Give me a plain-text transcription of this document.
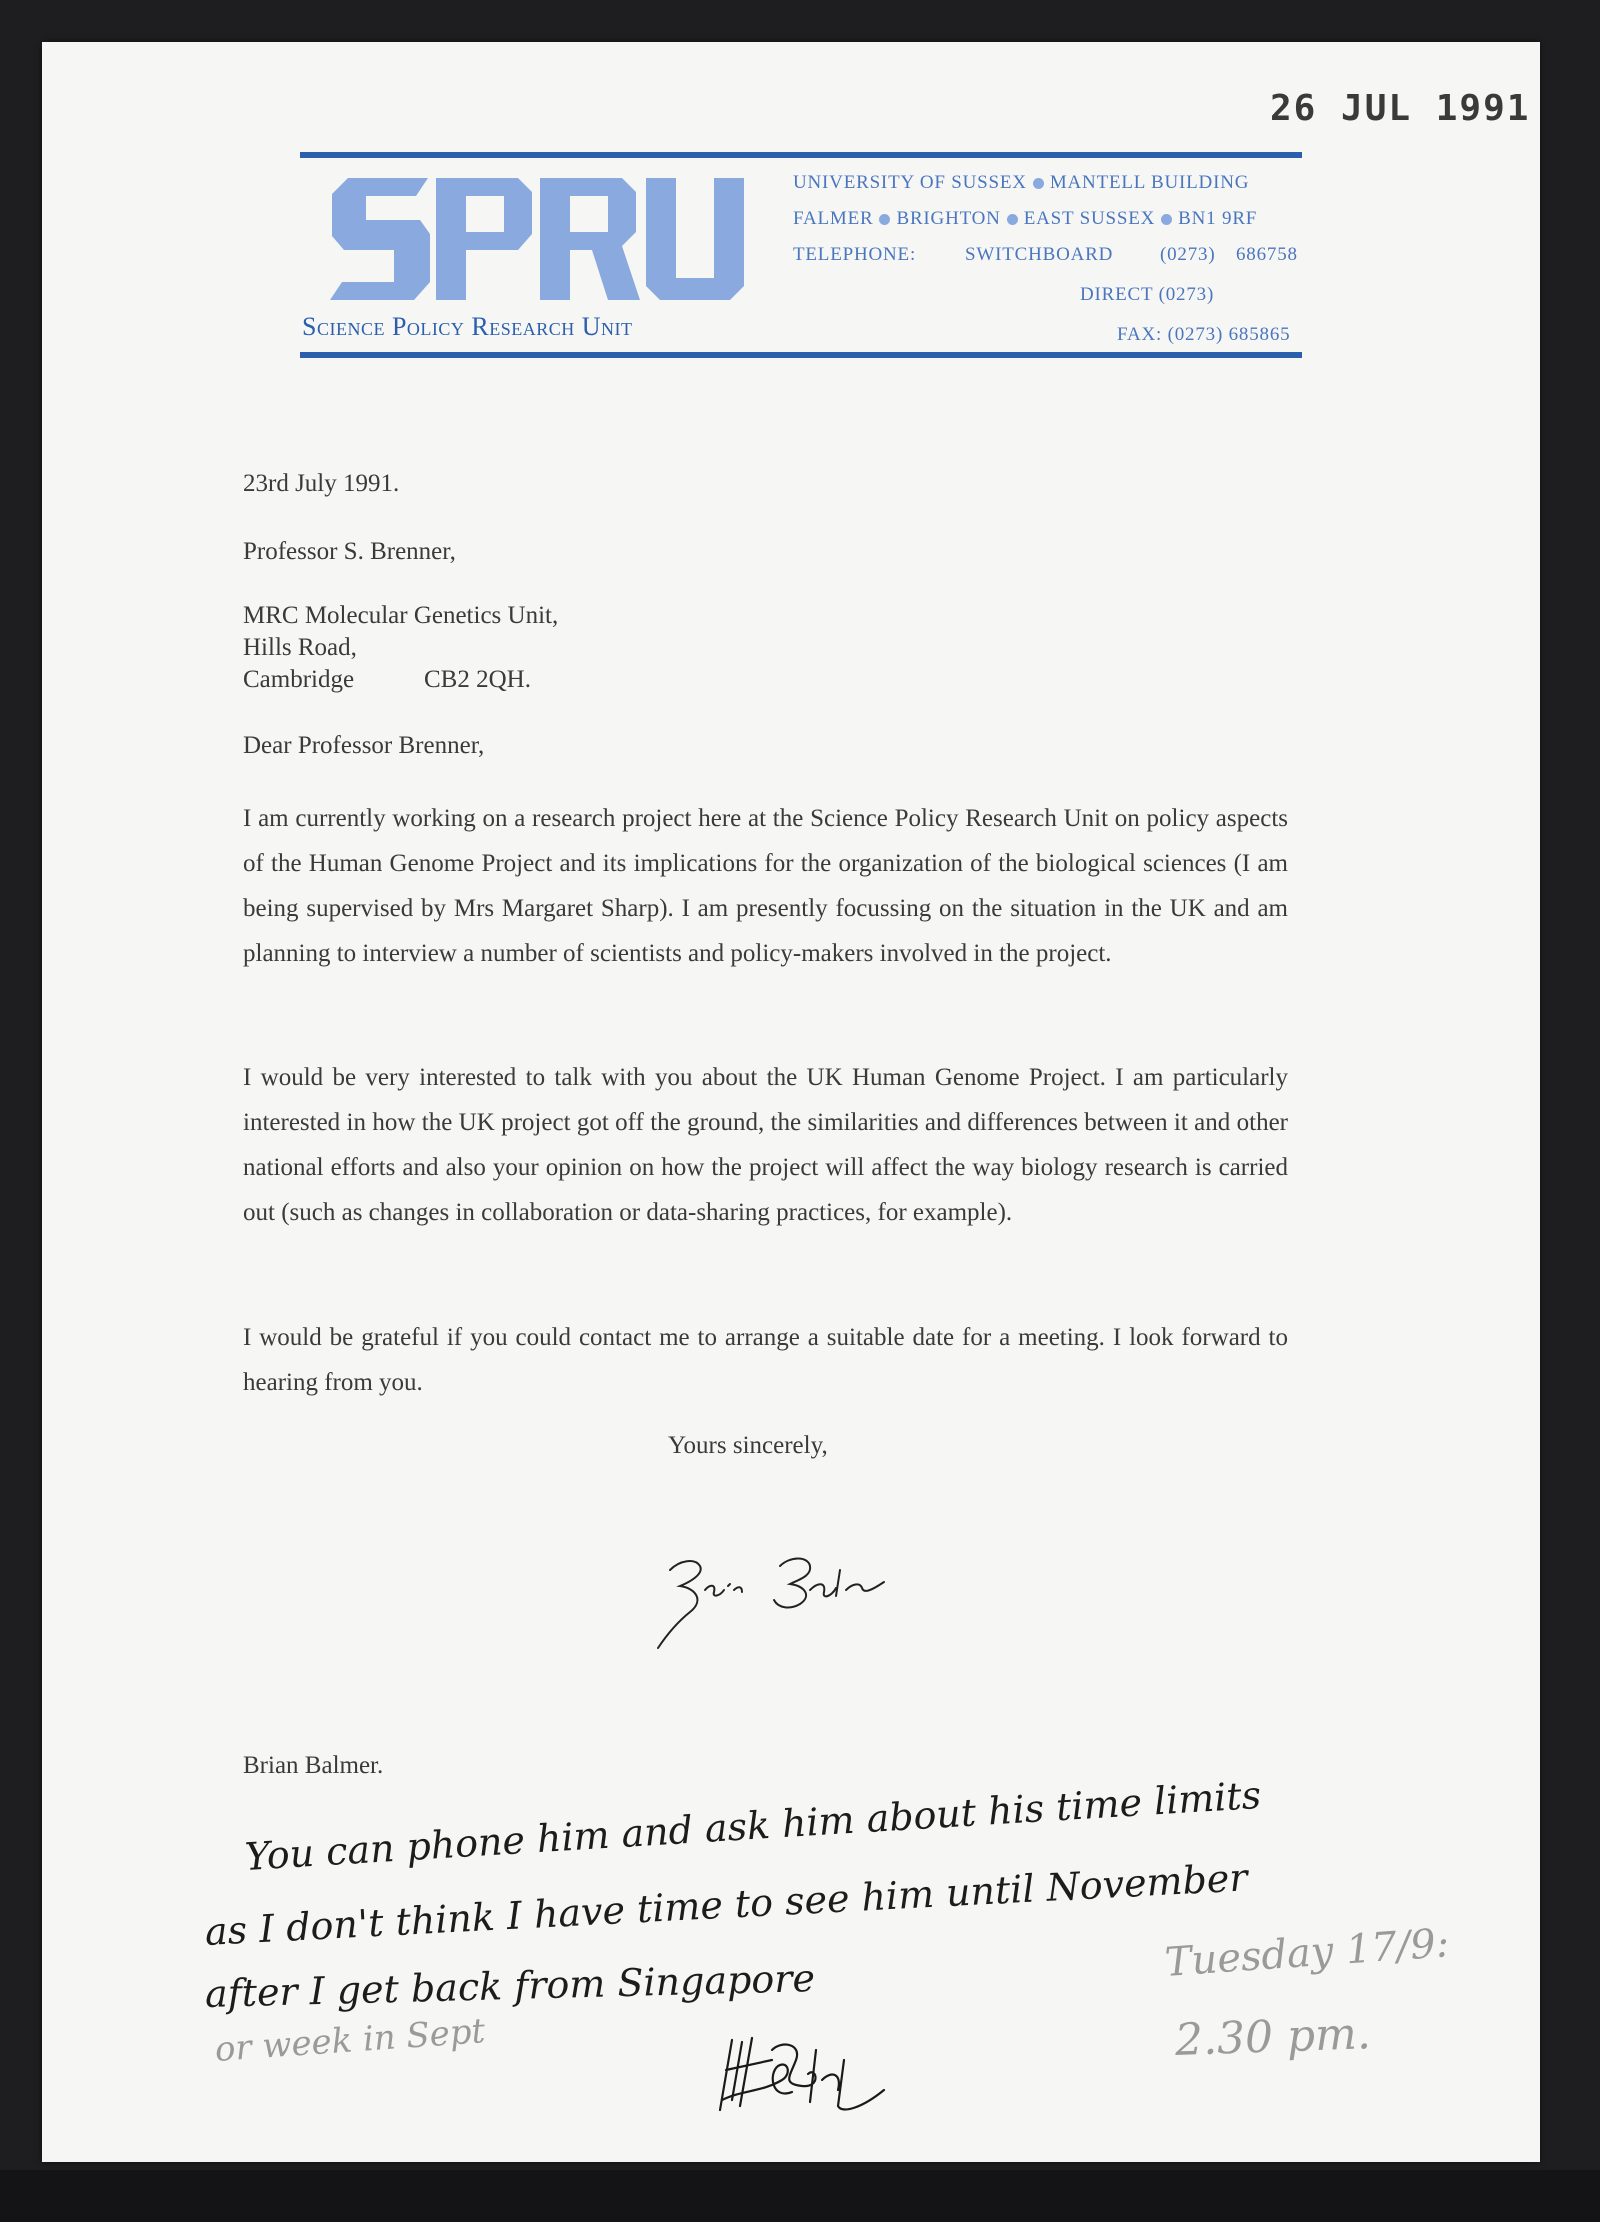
26 JUL 1991
Science Policy Research Unit
UNIVERSITY OF SUSSEX MANTELL BUILDING
FALMER BRIGHTON EAST SUSSEX BN1 9RF
TELEPHONE:	SWITCHBOARD (0273) 686758
DIRECT (0273)
FAX: (0273) 685865
23rd July 1991.
Professor S. Brenner,
MRC Molecular Genetics Unit,
Hills Road,
Cambridge	CB2 2QH.
Dear Professor Brenner,
I am currently working on a research project here at the Science Policy Research Unit on policy aspects of the Human Genome Project and its implications for the organization of the biological sciences (I am being supervised by Mrs Margaret Sharp). I am presently focussing on the situation in the UK and am planning to interview a number of scientists and policy-makers involved in the project.
I would be very interested to talk with you about the UK Human Genome Project. I am particularly interested in how the UK project got off the ground, the similarities and differences between it and other national efforts and also your opinion on how the project will affect the way biology research is carried out (such as changes in collaboration or data-sharing practices, for example).
I would be grateful if you could contact me to arrange a suitable date for a meeting. I look forward to hearing from you.
Yours sincerely,
Brian Balmer.
You can phone him and ask him about his time limits
as I don't think I have time to see him until November
after I get back from Singapore
or week in Sept
Tuesday 17/9:
2.30 pm.
